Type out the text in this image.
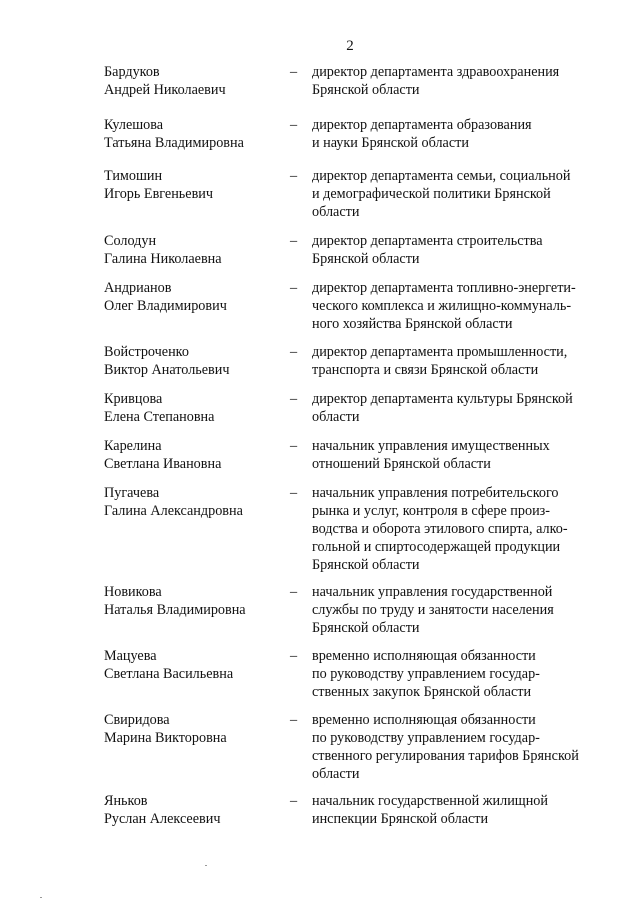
2
Бардуков
Андрей Николаевич
– директор департамента здравоохранения
Брянской области
Кулешова
Татьяна Владимировна
– директор департамента образования
и науки Брянской области
Тимошин
Игорь Евгеньевич
– директор департамента семьи, социальной
и демографической политики Брянской
области
Солодун
Галина Николаевна
– директор департамента строительства
Брянской области
Андрианов
Олег Владимирович
– директор департамента топливно-энергети-
ческого комплекса и жилищно-коммуналь-
ного хозяйства Брянской области
Войстроченко
Виктор Анатольевич
– директор департамента промышленности,
транспорта и связи Брянской области
Кривцова
Елена Степановна
– директор департамента культуры Брянской
области
Карелина
Светлана Ивановна
– начальник управления имущественных
отношений Брянской области
Пугачева
Галина Александровна
– начальник управления потребительского
рынка и услуг, контроля в сфере произ-
водства и оборота этилового спирта, алко-
гольной и спиртосодержащей продукции
Брянской области
Новикова
Наталья Владимировна
– начальник управления государственной
службы по труду и занятости населения
Брянской области
Мацуева
Светлана Васильевна
– временно исполняющая обязанности
по руководству управлением государ-
ственных закупок Брянской области
Свиридова
Марина Викторовна
– временно исполняющая обязанности
по руководству управлением государ-
ственного регулирования тарифов Брянской
области
Яньков
Руслан Алексеевич
– начальник государственной жилищной
инспекции Брянской области
